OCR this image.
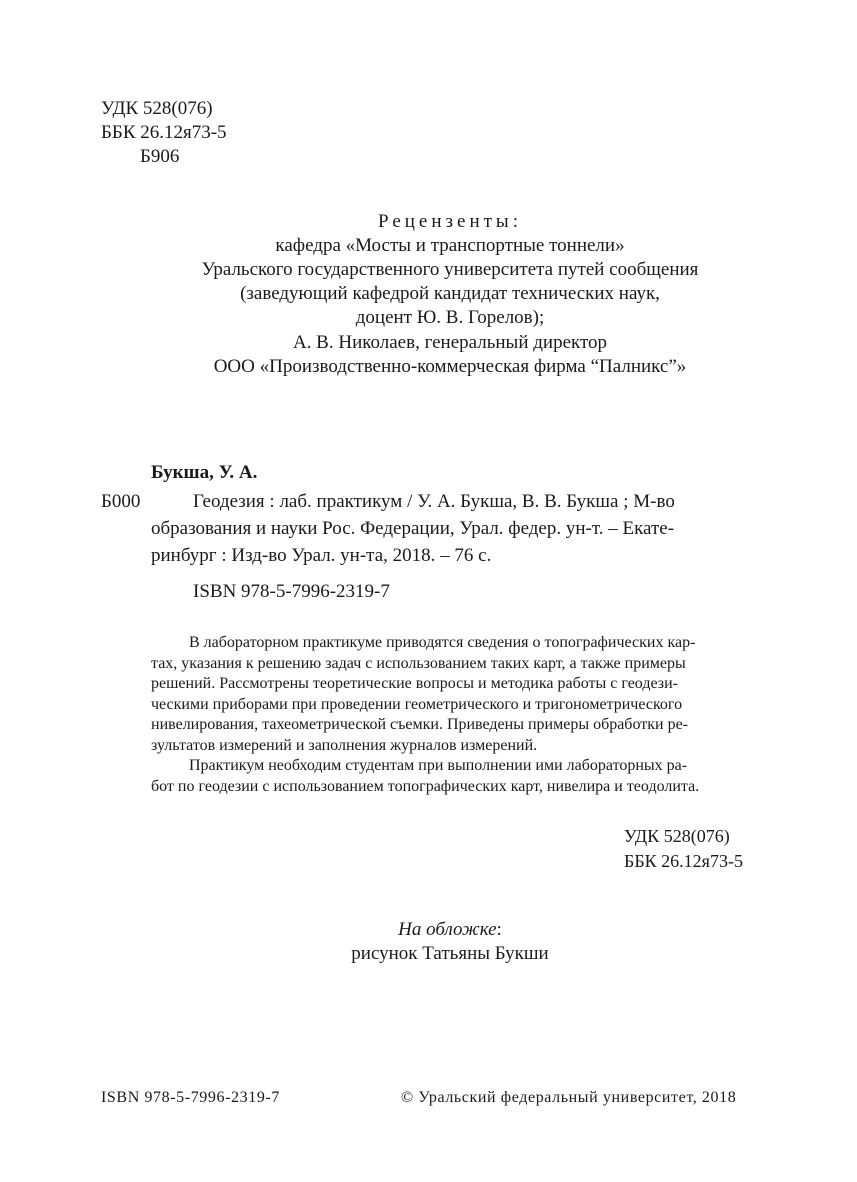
УДК 528(076)
ББК 26.12я73-5
Б906
Рецензенты:
кафедра «Мосты и транспортные тоннели»
Уральского государственного университета путей сообщения
(заведующий кафедрой кандидат технических наук,
доцент Ю. В. Горелов);
А. В. Николаев, генеральный директор
ООО «Производственно-коммерческая фирма “Палникс”»
Букша, У. А.
Б000	Геодезия : лаб. практикум / У. А. Букша, В. В. Букша ; М-во
образования и науки Рос. Федерации, Урал. федер. ун-т. – Екате-
ринбург : Изд-во Урал. ун-та, 2018. – 76 с.
ISBN 978-5-7996-2319-7
В лабораторном практикуме приводятся сведения о топографических кар-
тах, указания к решению задач с использованием таких карт, а также примеры
решений. Рассмотрены теоретические вопросы и методика работы с геодези-
ческими приборами при проведении геометрического и тригонометрического
нивелирования, тахеометрической съемки. Приведены примеры обработки ре-
зультатов измерений и заполнения журналов измерений.
Практикум необходим студентам при выполнении ими лабораторных ра-
бот по геодезии с использованием топографических карт, нивелира и теодолита.
УДК 528(076)
ББК 26.12я73-5
На обложке:
рисунок Татьяны Букши
ISBN 978-5-7996-2319-7	© Уральский федеральный университет, 2018
